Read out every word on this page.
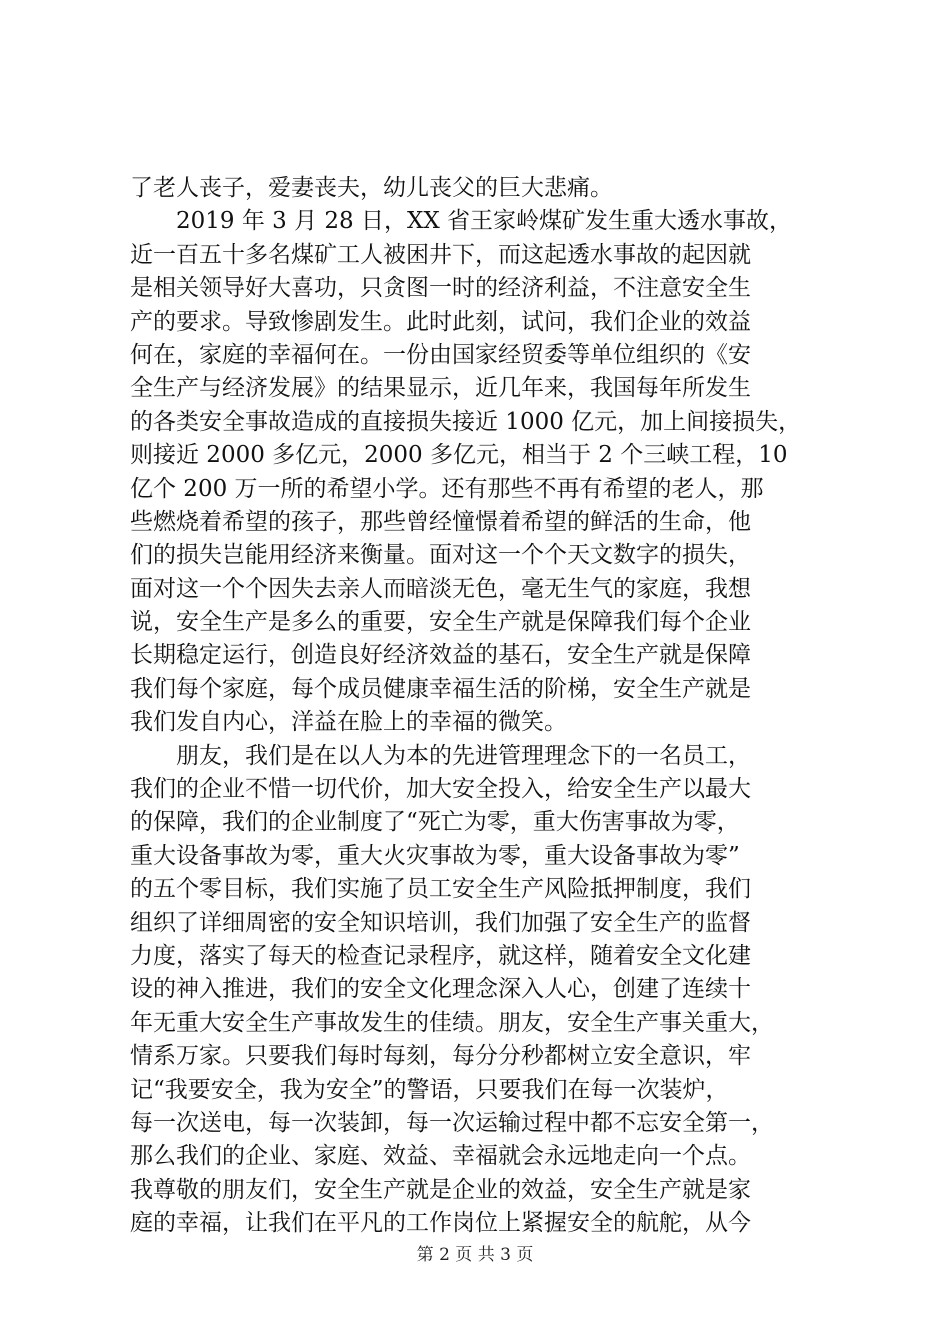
了老人丧子，爱妻丧夫，幼儿丧父的巨大悲痛。
2019 年 3 月 28 日，XX 省王家岭煤矿发生重大透水事故，
近一百五十多名煤矿工人被困井下，而这起透水事故的起因就
是相关领导好大喜功，只贪图一时的经济利益，不注意安全生
产的要求。导致惨剧发生。此时此刻，试问，我们企业的效益
何在，家庭的幸福何在。一份由国家经贸委等单位组织的《安
全生产与经济发展》的结果显示，近几年来，我国每年所发生
的各类安全事故造成的直接损失接近 1000 亿元，加上间接损失，
则接近 2000 多亿元，2000 多亿元，相当于 2 个三峡工程，10
亿个 200 万一所的希望小学。还有那些不再有希望的老人，那
些燃烧着希望的孩子，那些曾经憧憬着希望的鲜活的生命，他
们的损失岂能用经济来衡量。面对这一个个天文数字的损失，
面对这一个个因失去亲人而暗淡无色，毫无生气的家庭，我想
说，安全生产是多么的重要，安全生产就是保障我们每个企业
长期稳定运行，创造良好经济效益的基石，安全生产就是保障
我们每个家庭，每个成员健康幸福生活的阶梯，安全生产就是
我们发自内心，洋益在脸上的幸福的微笑。
朋友，我们是在以人为本的先进管理理念下的一名员工，
我们的企业不惜一切代价，加大安全投入，给安全生产以最大
的保障，我们的企业制度了“死亡为零，重大伤害事故为零，
重大设备事故为零，重大火灾事故为零，重大设备事故为零”
的五个零目标，我们实施了员工安全生产风险抵押制度，我们
组织了详细周密的安全知识培训，我们加强了安全生产的监督
力度，落实了每天的检查记录程序，就这样，随着安全文化建
设的神入推进，我们的安全文化理念深入人心，创建了连续十
年无重大安全生产事故发生的佳绩。朋友，安全生产事关重大，
情系万家。只要我们每时每刻，每分分秒都树立安全意识，牢
记“我要安全，我为安全”的警语，只要我们在每一次装炉，
每一次送电，每一次装卸，每一次运输过程中都不忘安全第一，
那么我们的企业、家庭、效益、幸福就会永远地走向一个点。
我尊敬的朋友们，安全生产就是企业的效益，安全生产就是家
庭的幸福，让我们在平凡的工作岗位上紧握安全的航舵，从今
第 2 页 共 3 页
